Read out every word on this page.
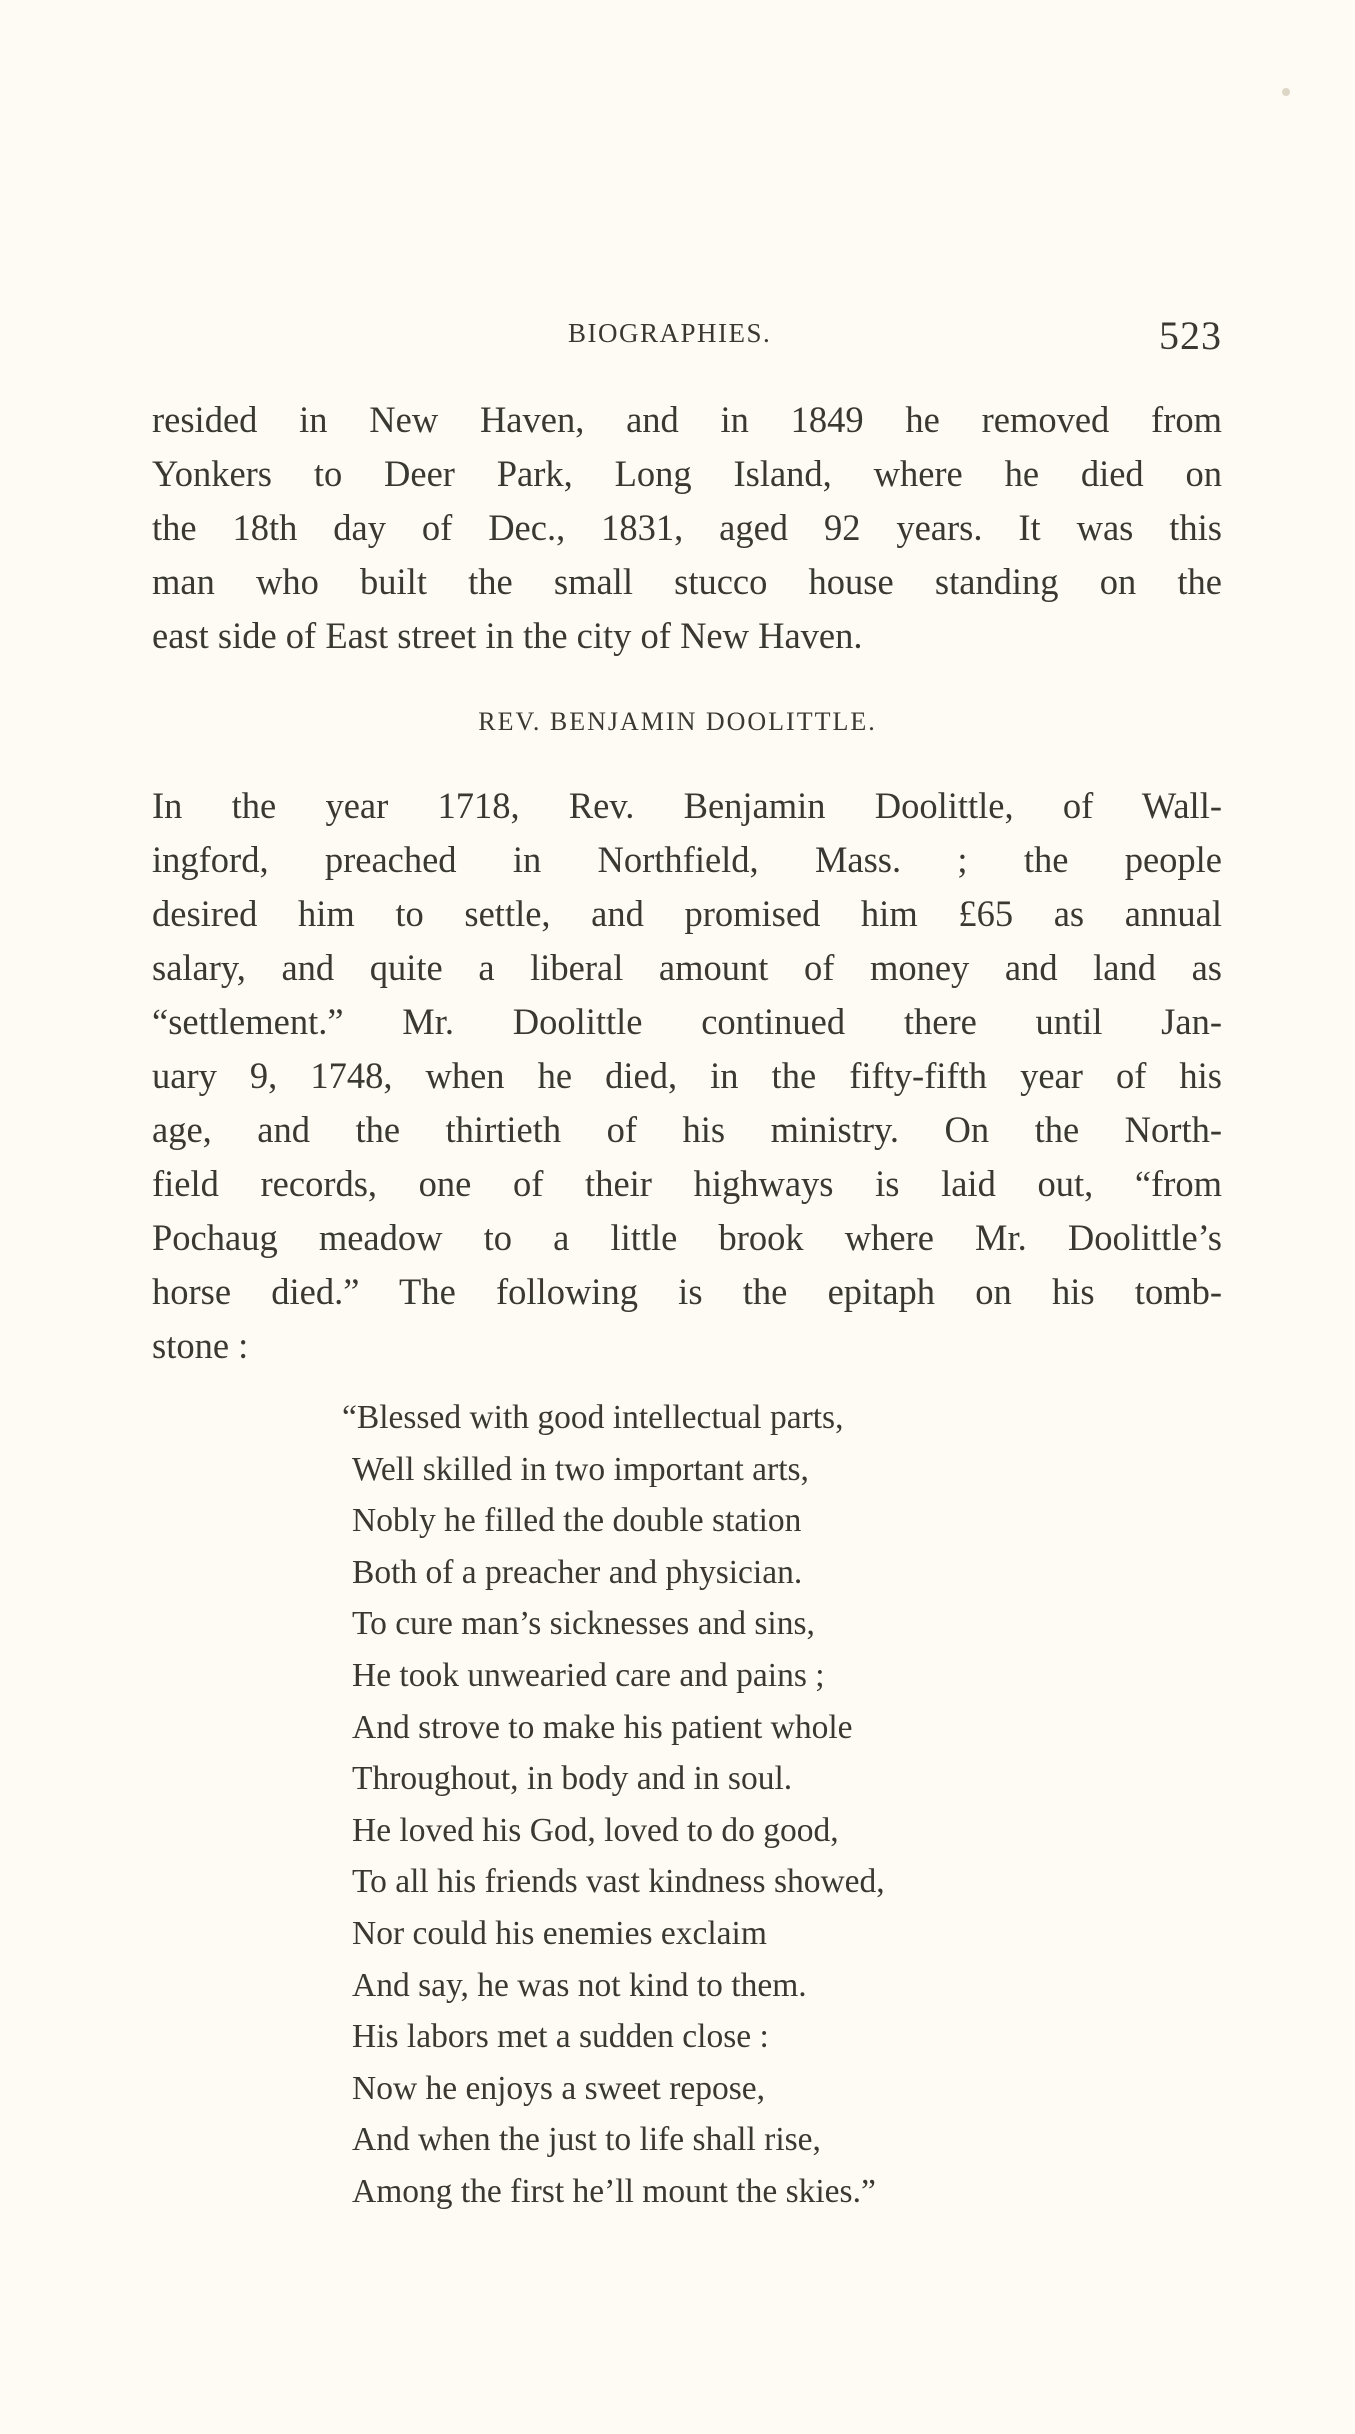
BIOGRAPHIES.	523

resided in New Haven, and in 1849 he removed from
Yonkers to Deer Park, Long Island, where he died on
the 18th day of Dec., 1831, aged 92 years. It was this
man who built the small stucco house standing on the
east side of East street in the city of New Haven.

REV. BENJAMIN DOOLITTLE.

In the year 1718, Rev. Benjamin Doolittle, of Wall-
ingford, preached in Northfield, Mass. ; the people
desired him to settle, and promised him £65 as annual
salary, and quite a liberal amount of money and land as
“settlement.” Mr. Doolittle continued there until Jan-
uary 9, 1748, when he died, in the fifty-fifth year of his
age, and the thirtieth of his ministry. On the North-
field records, one of their highways is laid out, “from
Pochaug meadow to a little brook where Mr. Doolittle’s
horse died.” The following is the epitaph on his tomb-
stone :

“Blessed with good intellectual parts,
Well skilled in two important arts,
Nobly he filled the double station
Both of a preacher and physician.
To cure man’s sicknesses and sins,
He took unwearied care and pains ;
And strove to make his patient whole
Throughout, in body and in soul.
He loved his God, loved to do good,
To all his friends vast kindness showed,
Nor could his enemies exclaim
And say, he was not kind to them.
His labors met a sudden close :
Now he enjoys a sweet repose,
And when the just to life shall rise,
Among the first he’ll mount the skies.”
